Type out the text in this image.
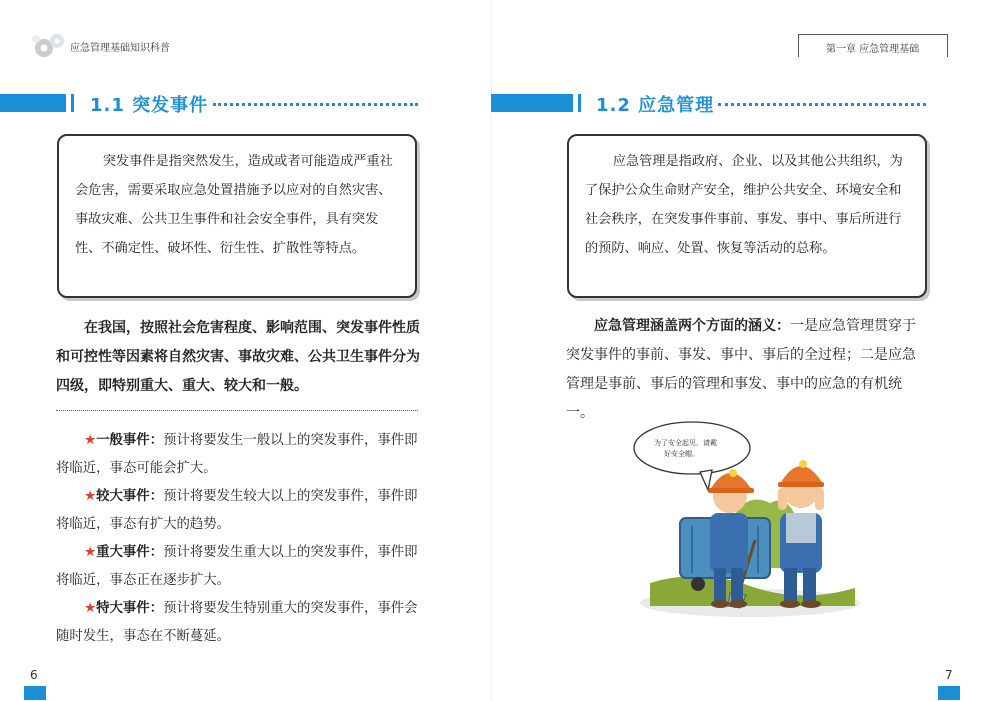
应急管理基础知识科普	第一章 应急管理基础
1.1 突发事件
突发事件是指突然发生，造成或者可能造成严重社会危害，需要采取应急处置措施予以应对的自然灾害、事故灾难、公共卫生事件和社会安全事件，具有突发性、不确定性、破坏性、衍生性、扩散性等特点。
在我国，按照社会危害程度、影响范围、突发事件性质和可控性等因素将自然灾害、事故灾难、公共卫生事件分为四级，即特别重大、重大、较大和一般。
★一般事件：预计将要发生一般以上的突发事件，事件即将临近，事态可能会扩大。
★较大事件：预计将要发生较大以上的突发事件，事件即将临近，事态有扩大的趋势。
★重大事件：预计将要发生重大以上的突发事件，事件即将临近，事态正在逐步扩大。
★特大事件：预计将要发生特别重大的突发事件，事件会随时发生，事态在不断蔓延。
6
1.2 应急管理
应急管理是指政府、企业、以及其他公共组织，为了保护公众生命财产安全，维护公共安全、环境安全和社会秩序，在突发事件事前、事发、事中、事后所进行的预防、响应、处置、恢复等活动的总称。
应急管理涵盖两个方面的涵义：一是应急管理贯穿于突发事件的事前、事发、事中、事后的全过程；二是应急管理是事前、事后的管理和事发、事中的应急的有机统一。
为了安全起见，请戴
好安全帽。
7
